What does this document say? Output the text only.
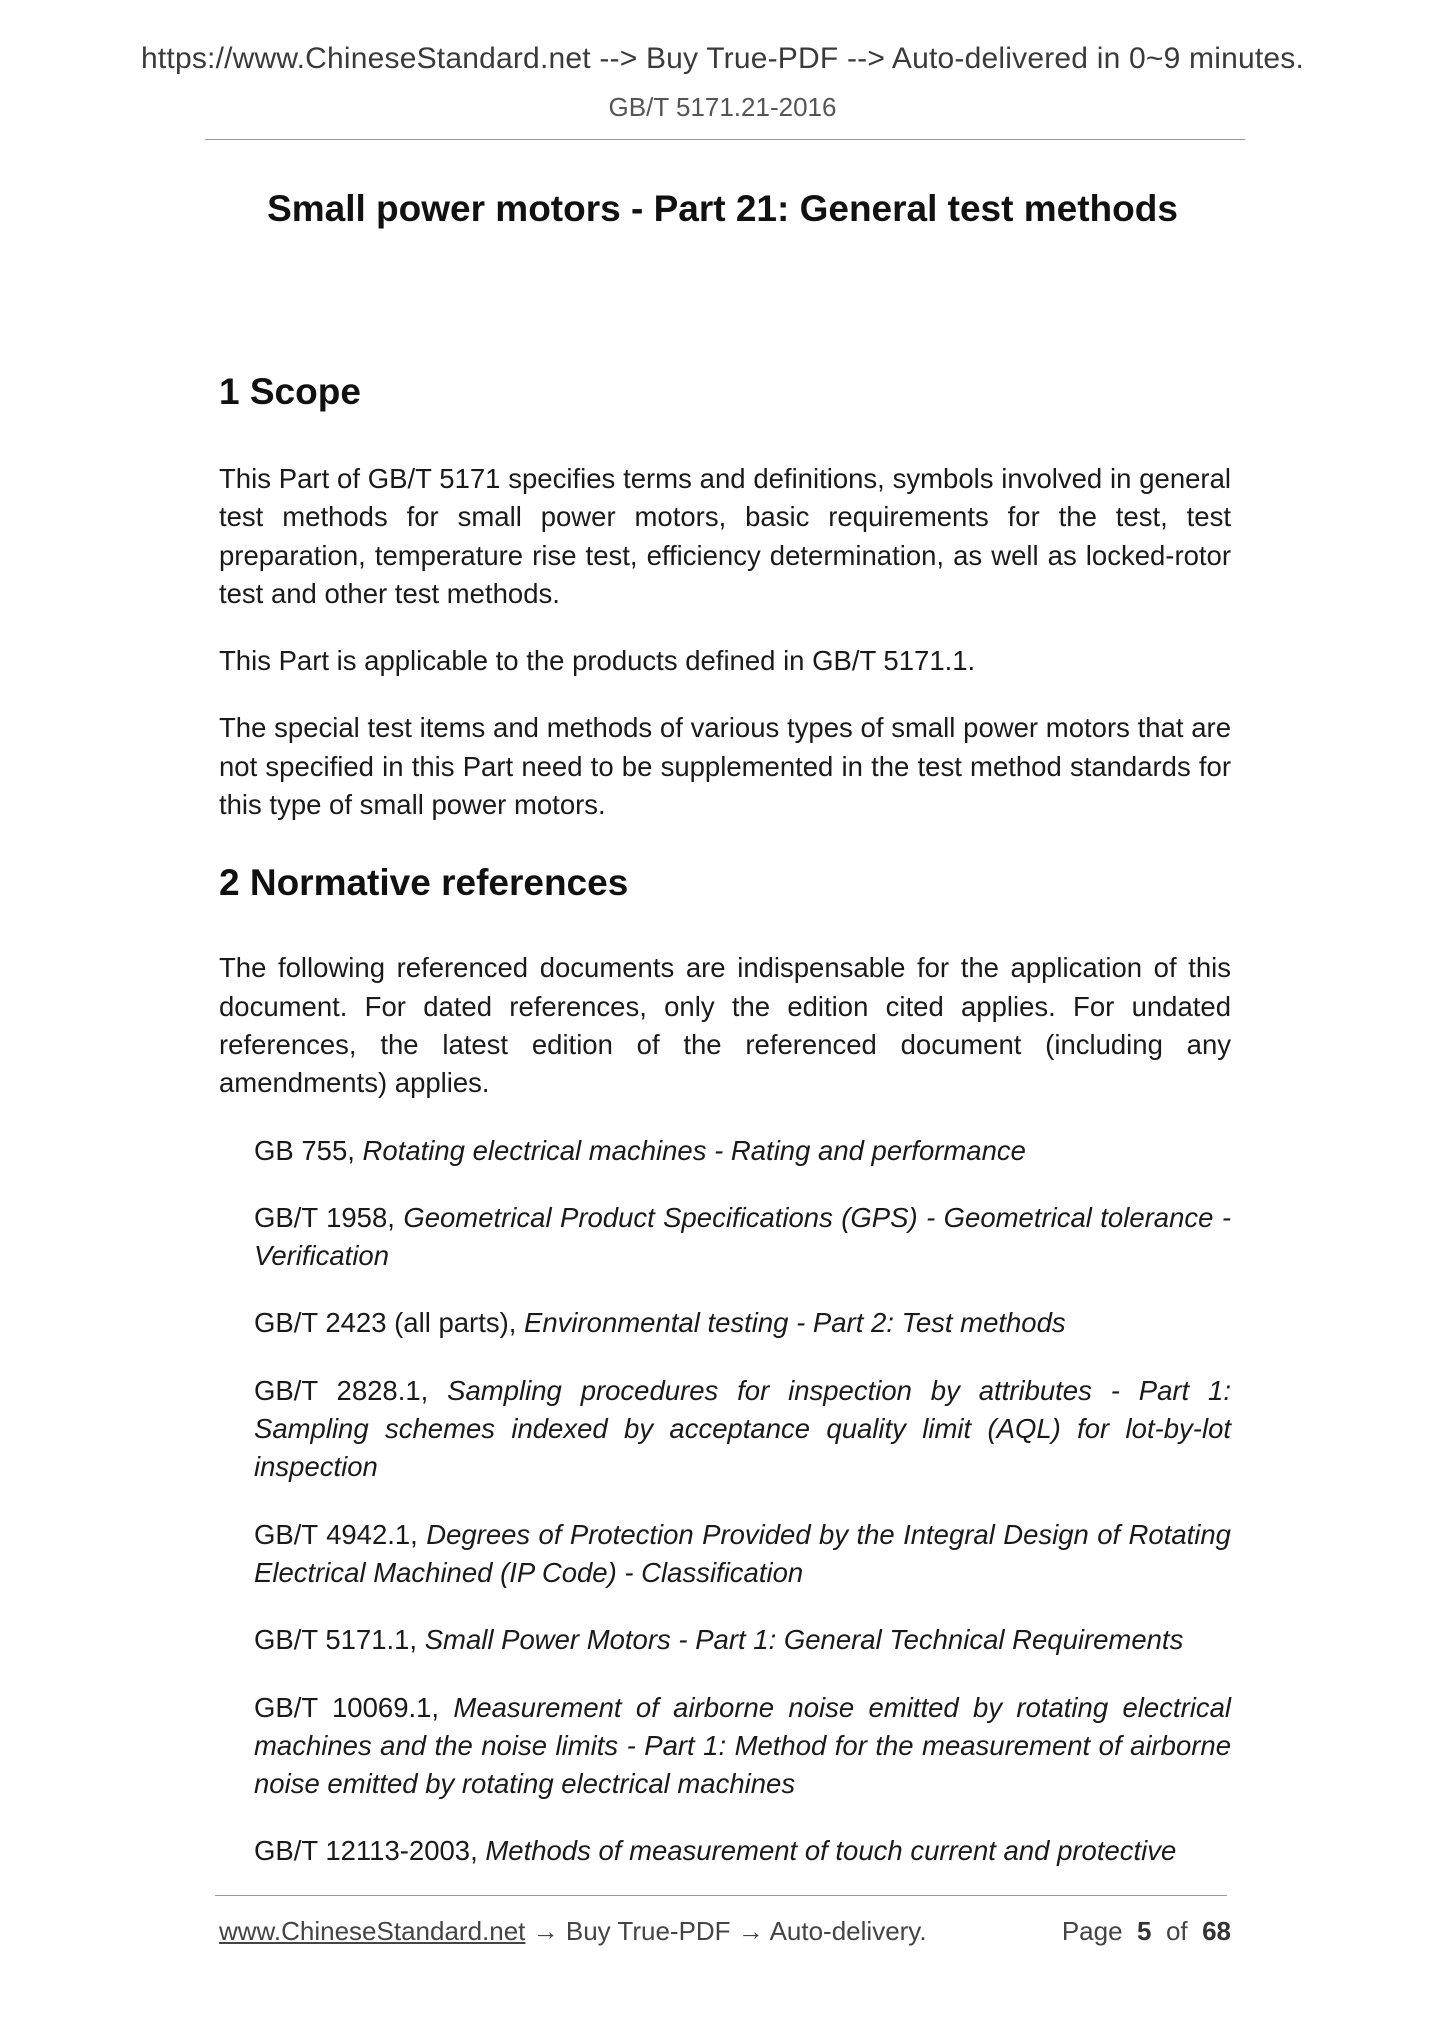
https://www.ChineseStandard.net --> Buy True-PDF --> Auto-delivered in 0~9 minutes.
GB/T 5171.21-2016
Small power motors - Part 21: General test methods
1 Scope

This Part of GB/T 5171 specifies terms and definitions, symbols involved in general test methods for small power motors, basic requirements for the test, test preparation, temperature rise test, efficiency determination, as well as locked-rotor test and other test methods.

This Part is applicable to the products defined in GB/T 5171.1.

The special test items and methods of various types of small power motors that are not specified in this Part need to be supplemented in the test method standards for this type of small power motors.

2 Normative references

The following referenced documents are indispensable for the application of this document. For dated references, only the edition cited applies. For undated references, the latest edition of the referenced document (including any amendments) applies.

GB 755, Rotating electrical machines - Rating and performance

GB/T 1958, Geometrical Product Specifications (GPS) - Geometrical tolerance - Verification

GB/T 2423 (all parts), Environmental testing - Part 2: Test methods

GB/T 2828.1, Sampling procedures for inspection by attributes - Part 1: Sampling schemes indexed by acceptance quality limit (AQL) for lot-by-lot inspection

GB/T 4942.1, Degrees of Protection Provided by the Integral Design of Rotating Electrical Machined (IP Code) - Classification

GB/T 5171.1, Small Power Motors - Part 1: General Technical Requirements

GB/T 10069.1, Measurement of airborne noise emitted by rotating electrical machines and the noise limits - Part 1: Method for the measurement of airborne noise emitted by rotating electrical machines

GB/T 12113-2003, Methods of measurement of touch current and protective

www.ChineseStandard.net → Buy True-PDF → Auto-delivery.	Page 5 of 68
